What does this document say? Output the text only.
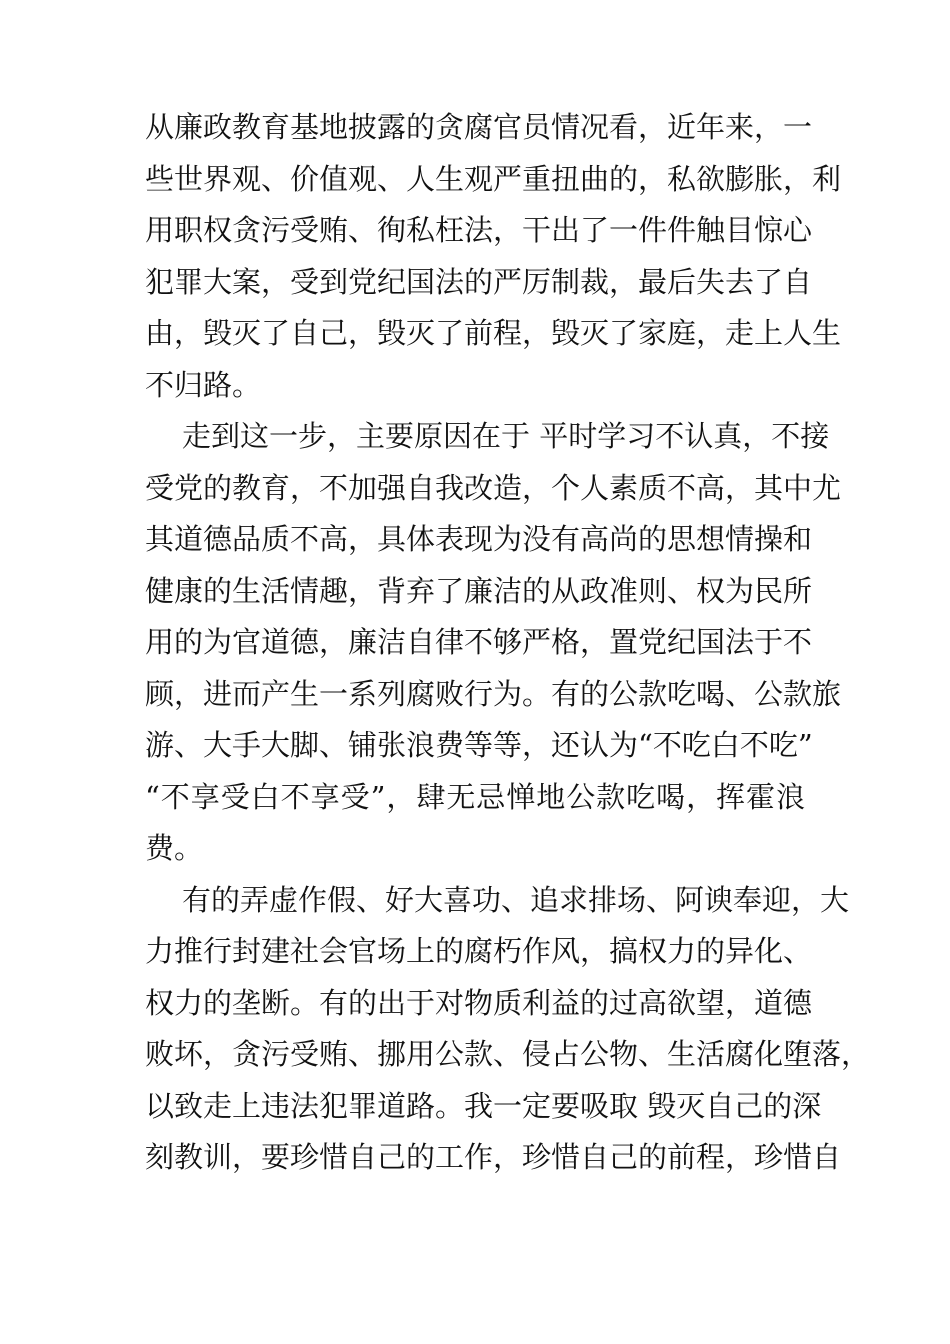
从廉政教育基地披露的贪腐官员情况看，近年来，一
些世界观、价值观、人生观严重扭曲的，私欲膨胀，利
用职权贪污受贿、徇私枉法，干出了一件件触目惊心
犯罪大案，受到党纪国法的严厉制裁，最后失去了自
由，毁灭了自己，毁灭了前程，毁灭了家庭，走上人生
不归路。
走到这一步，主要原因在于 平时学习不认真，不接
受党的教育，不加强自我改造，个人素质不高，其中尤
其道德品质不高，具体表现为没有高尚的思想情操和
健康的生活情趣，背弃了廉洁的从政准则、权为民所
用的为官道德，廉洁自律不够严格，置党纪国法于不
顾，进而产生一系列腐败行为。有的公款吃喝、公款旅
游、大手大脚、铺张浪费等等，还认为“不吃白不吃”
“不享受白不享受”，肆无忌惮地公款吃喝，挥霍浪
费。
有的弄虚作假、好大喜功、追求排场、阿谀奉迎，大
力推行封建社会官场上的腐朽作风，搞权力的异化、
权力的垄断。有的出于对物质利益的过高欲望，道德
败坏，贪污受贿、挪用公款、侵占公物、生活腐化堕落，
以致走上违法犯罪道路。我一定要吸取 毁灭自己的深
刻教训，要珍惜自己的工作，珍惜自己的前程，珍惜自
